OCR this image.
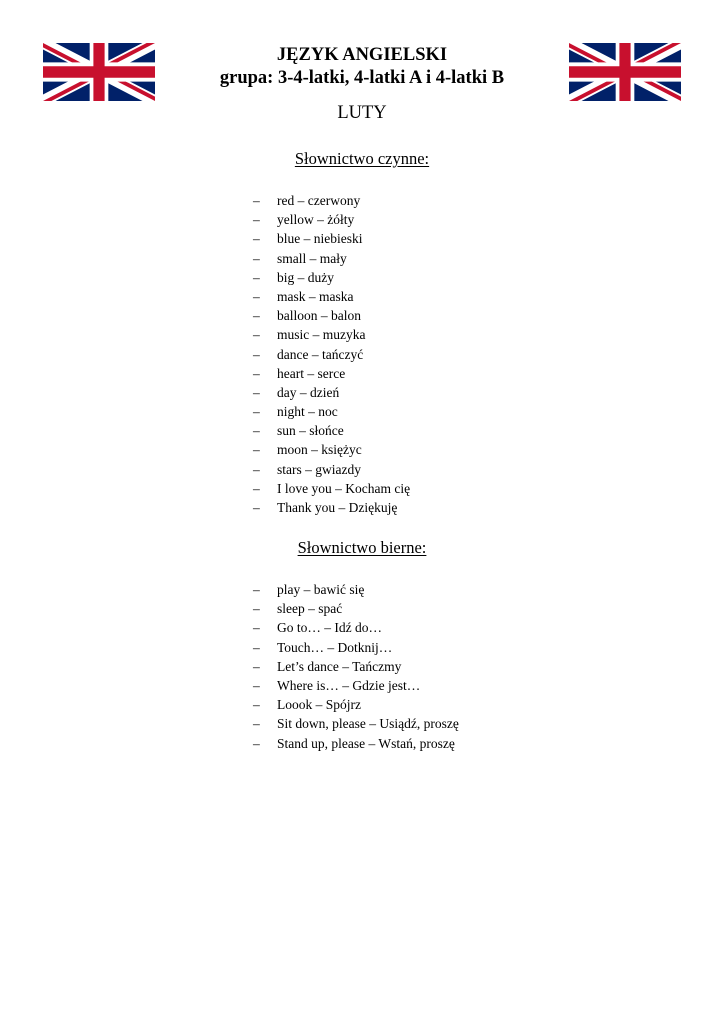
JĘZYK ANGIELSKI
grupa: 3-4-latki, 4-latki A i 4-latki B
LUTY
Słownictwo czynne:
– red – czerwony
– yellow – żółty
– blue – niebieski
– small – mały
– big – duży
– mask – maska
– balloon – balon
– music – muzyka
– dance – tańczyć
– heart – serce
– day – dzień
– night – noc
– sun – słońce
– moon – księżyc
– stars – gwiazdy
– I love you – Kocham cię
– Thank you – Dziękuję
Słownictwo bierne:
– play – bawić się
– sleep – spać
– Go to… – Idź do…
– Touch… – Dotknij…
– Let’s dance – Tańczmy
– Where is… – Gdzie jest…
– Loook – Spójrz
– Sit down, please – Usiądź, proszę
– Stand up, please – Wstań, proszę
